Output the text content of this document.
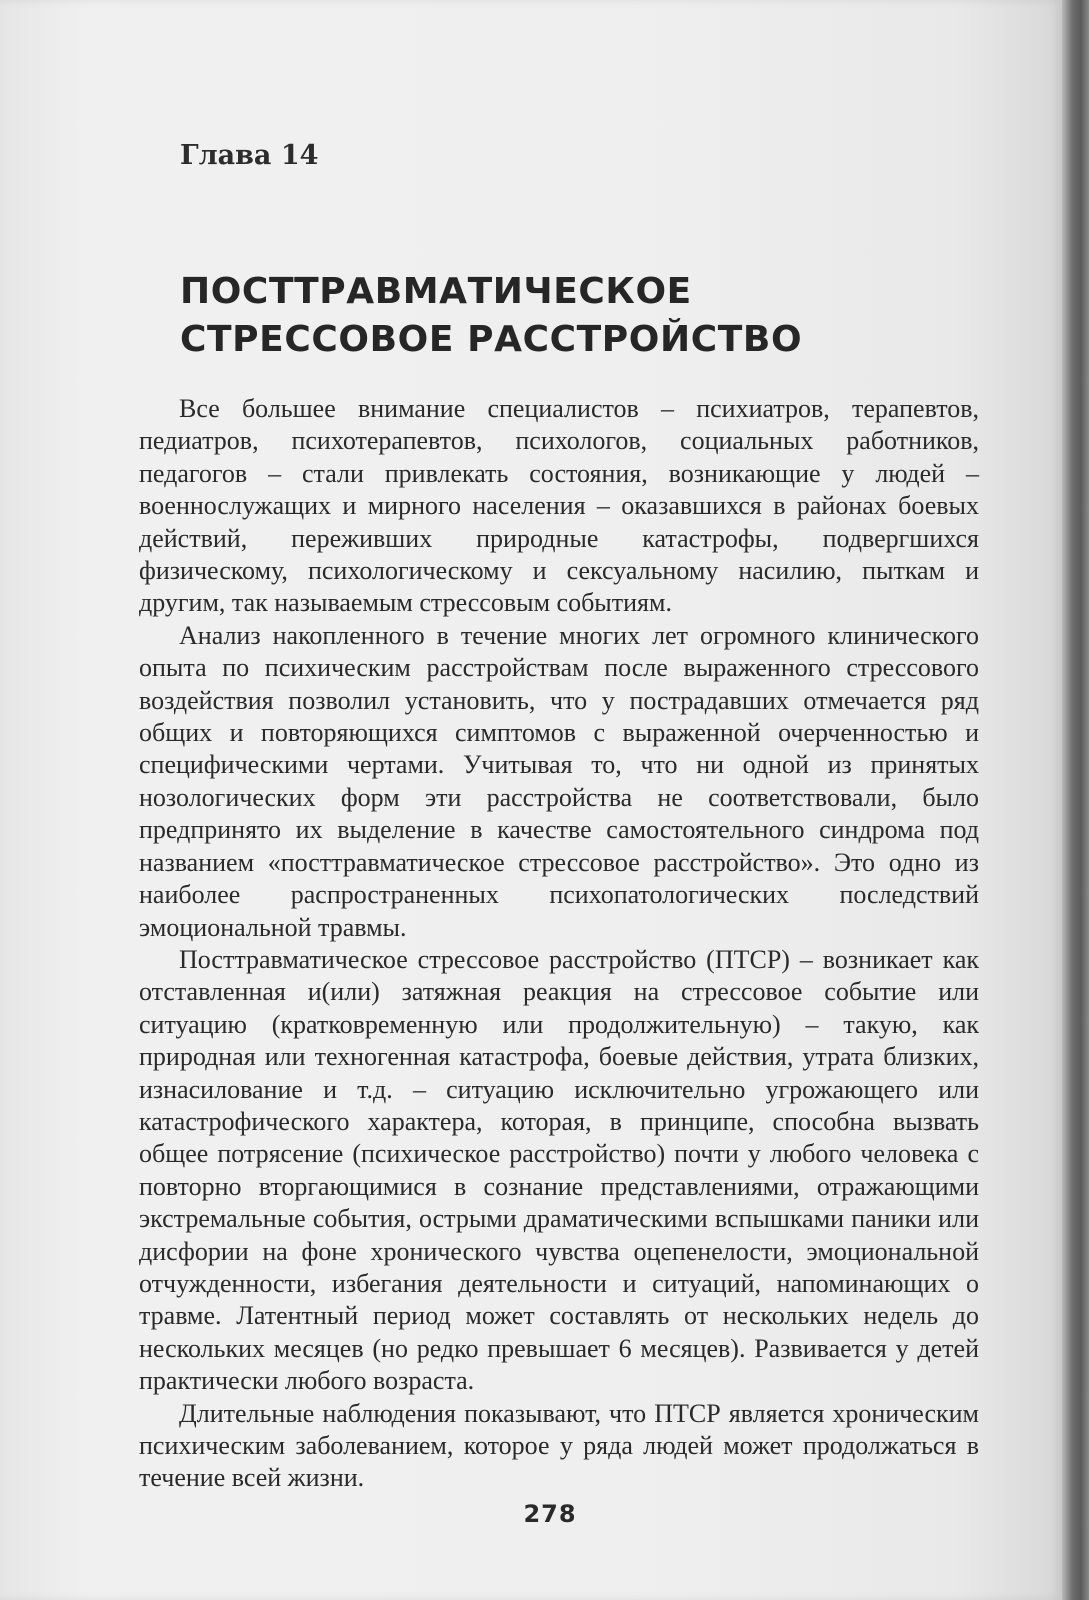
Глава 14
ПОСТТРАВМАТИЧЕСКОЕ
СТРЕССОВОЕ РАССТРОЙСТВО

Все большее внимание специалистов – психиатров, терапевтов, педиатров, психотерапевтов, психологов, социальных работников, педагогов – стали привлекать состояния, возникающие у людей – военнослужащих и мирного населения – оказавшихся в районах боевых действий, переживших природные катастрофы, подвергшихся физическому, психологическому и сексуальному насилию, пыткам и другим, так называемым стрессовым событиям.

Анализ накопленного в течение многих лет огромного клинического опыта по психическим расстройствам после выраженного стрессового воздействия позволил установить, что у пострадавших отмечается ряд общих и повторяющихся симптомов с выраженной очерченностью и специфическими чертами. Учитывая то, что ни одной из принятых нозологических форм эти расстройства не соответствовали, было предпринято их выделение в качестве самостоятельного синдрома под названием «посттравматическое стрессовое расстройство». Это одно из наиболее распространенных психопатологических последствий эмоциональной травмы.

Посттравматическое стрессовое расстройство (ПТСР) – возникает как отставленная и(или) затяжная реакция на стрессовое событие или ситуацию (кратковременную или продолжительную) – такую, как природная или техногенная катастрофа, боевые действия, утрата близких, изнасилование и т.д. – ситуацию исключительно угрожающего или катастрофического характера, которая, в принципе, способна вызвать общее потрясение (психическое расстройство) почти у любого человека с повторно вторгающимися в сознание представлениями, отражающими экстремальные события, острыми драматическими вспышками паники или дисфории на фоне хронического чувства оцепенелости, эмоциональной отчужденности, избегания деятельности и ситуаций, напоминающих о травме. Латентный период может составлять от нескольких недель до нескольких месяцев (но редко превышает 6 месяцев). Развивается у детей практически любого возраста.

Длительные наблюдения показывают, что ПТСР является хроническим психическим заболеванием, которое у ряда людей может продолжаться в течение всей жизни.

278
